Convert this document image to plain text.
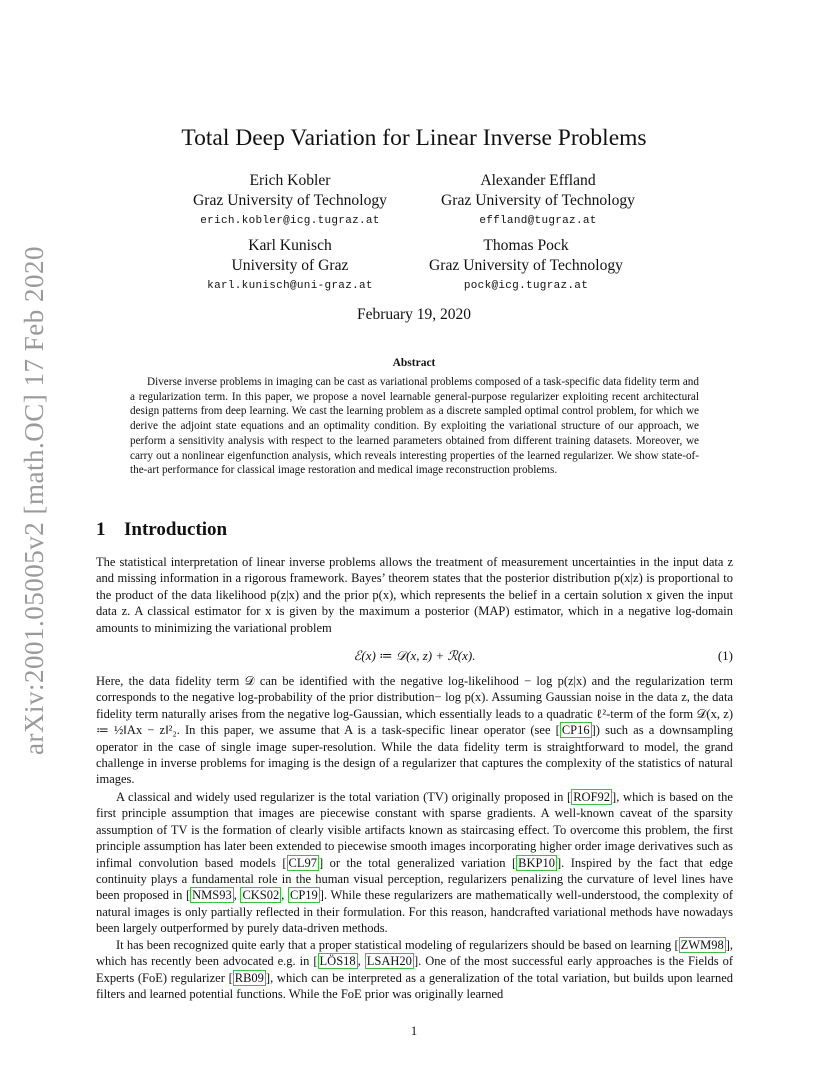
arXiv:2001.05005v2 [math.OC] 17 Feb 2020
Total Deep Variation for Linear Inverse Problems
Erich Kobler
Graz University of Technology
erich.kobler@icg.tugraz.at
Alexander Effland
Graz University of Technology
effland@tugraz.at
Karl Kunisch
University of Graz
karl.kunisch@uni-graz.at
Thomas Pock
Graz University of Technology
pock@icg.tugraz.at
February 19, 2020
Abstract
Diverse inverse problems in imaging can be cast as variational problems composed of a task-specific data fidelity term and a regularization term. In this paper, we propose a novel learnable general-purpose regularizer exploiting recent architectural design patterns from deep learning. We cast the learning problem as a discrete sampled optimal control problem, for which we derive the adjoint state equations and an optimality condition. By exploiting the variational structure of our approach, we perform a sensitivity analysis with respect to the learned parameters obtained from different training datasets. Moreover, we carry out a nonlinear eigenfunction analysis, which reveals interesting properties of the learned regularizer. We show state-of-the-art performance for classical image restoration and medical image reconstruction problems.
1 Introduction
The statistical interpretation of linear inverse problems allows the treatment of measurement uncertainties in the input data z and missing information in a rigorous framework. Bayes’ theorem states that the posterior distribution p(x|z) is proportional to the product of the data likelihood p(z|x) and the prior p(x), which represents the belief in a certain solution x given the input data z. A classical estimator for x is given by the maximum a posterior (MAP) estimator, which in a negative log-domain amounts to minimizing the variational problem
ℰ(x) ≔ 𝒟(x, z) + ℛ(x).	(1)
Here, the data fidelity term 𝒟 can be identified with the negative log-likelihood − log p(z|x) and the regularization term corresponds to the negative log-probability of the prior distribution− log p(x). Assuming Gaussian noise in the data z, the data fidelity term naturally arises from the negative log-Gaussian, which essentially leads to a quadratic ℓ²-term of the form 𝒟(x, z) ≔ ½‖Ax − z‖²₂. In this paper, we assume that A is a task-specific linear operator (see [ CP16 ]) such as a downsampling operator in the case of single image super-resolution. While the data fidelity term is straightforward to model, the grand challenge in inverse problems for imaging is the design of a regularizer that captures the complexity of the statistics of natural images.
A classical and widely used regularizer is the total variation (TV) originally proposed in [ ROF92 ], which is based on the first principle assumption that images are piecewise constant with sparse gradients. A well-known caveat of the sparsity assumption of TV is the formation of clearly visible artifacts known as staircasing effect. To overcome this problem, the first principle assumption has later been extended to piecewise smooth images incorporating higher order image derivatives such as infimal convolution based models [ CL97 ] or the total generalized variation [ BKP10 ]. Inspired by the fact that edge continuity plays a fundamental role in the human visual perception, regularizers penalizing the curvature of level lines have been proposed in [ NMS93 , CKS02 , CP19 ]. While these regularizers are mathematically well-understood, the complexity of natural images is only partially reflected in their formulation. For this reason, handcrafted variational methods have nowadays been largely outperformed by purely data-driven methods.
It has been recognized quite early that a proper statistical modeling of regularizers should be based on learning [ ZWM98 ], which has recently been advocated e.g. in [ LÖS18 , LSAH20 ]. One of the most successful early approaches is the Fields of Experts (FoE) regularizer [ RB09 ], which can be interpreted as a generalization of the total variation, but builds upon learned filters and learned potential functions. While the FoE prior was originally learned
1
